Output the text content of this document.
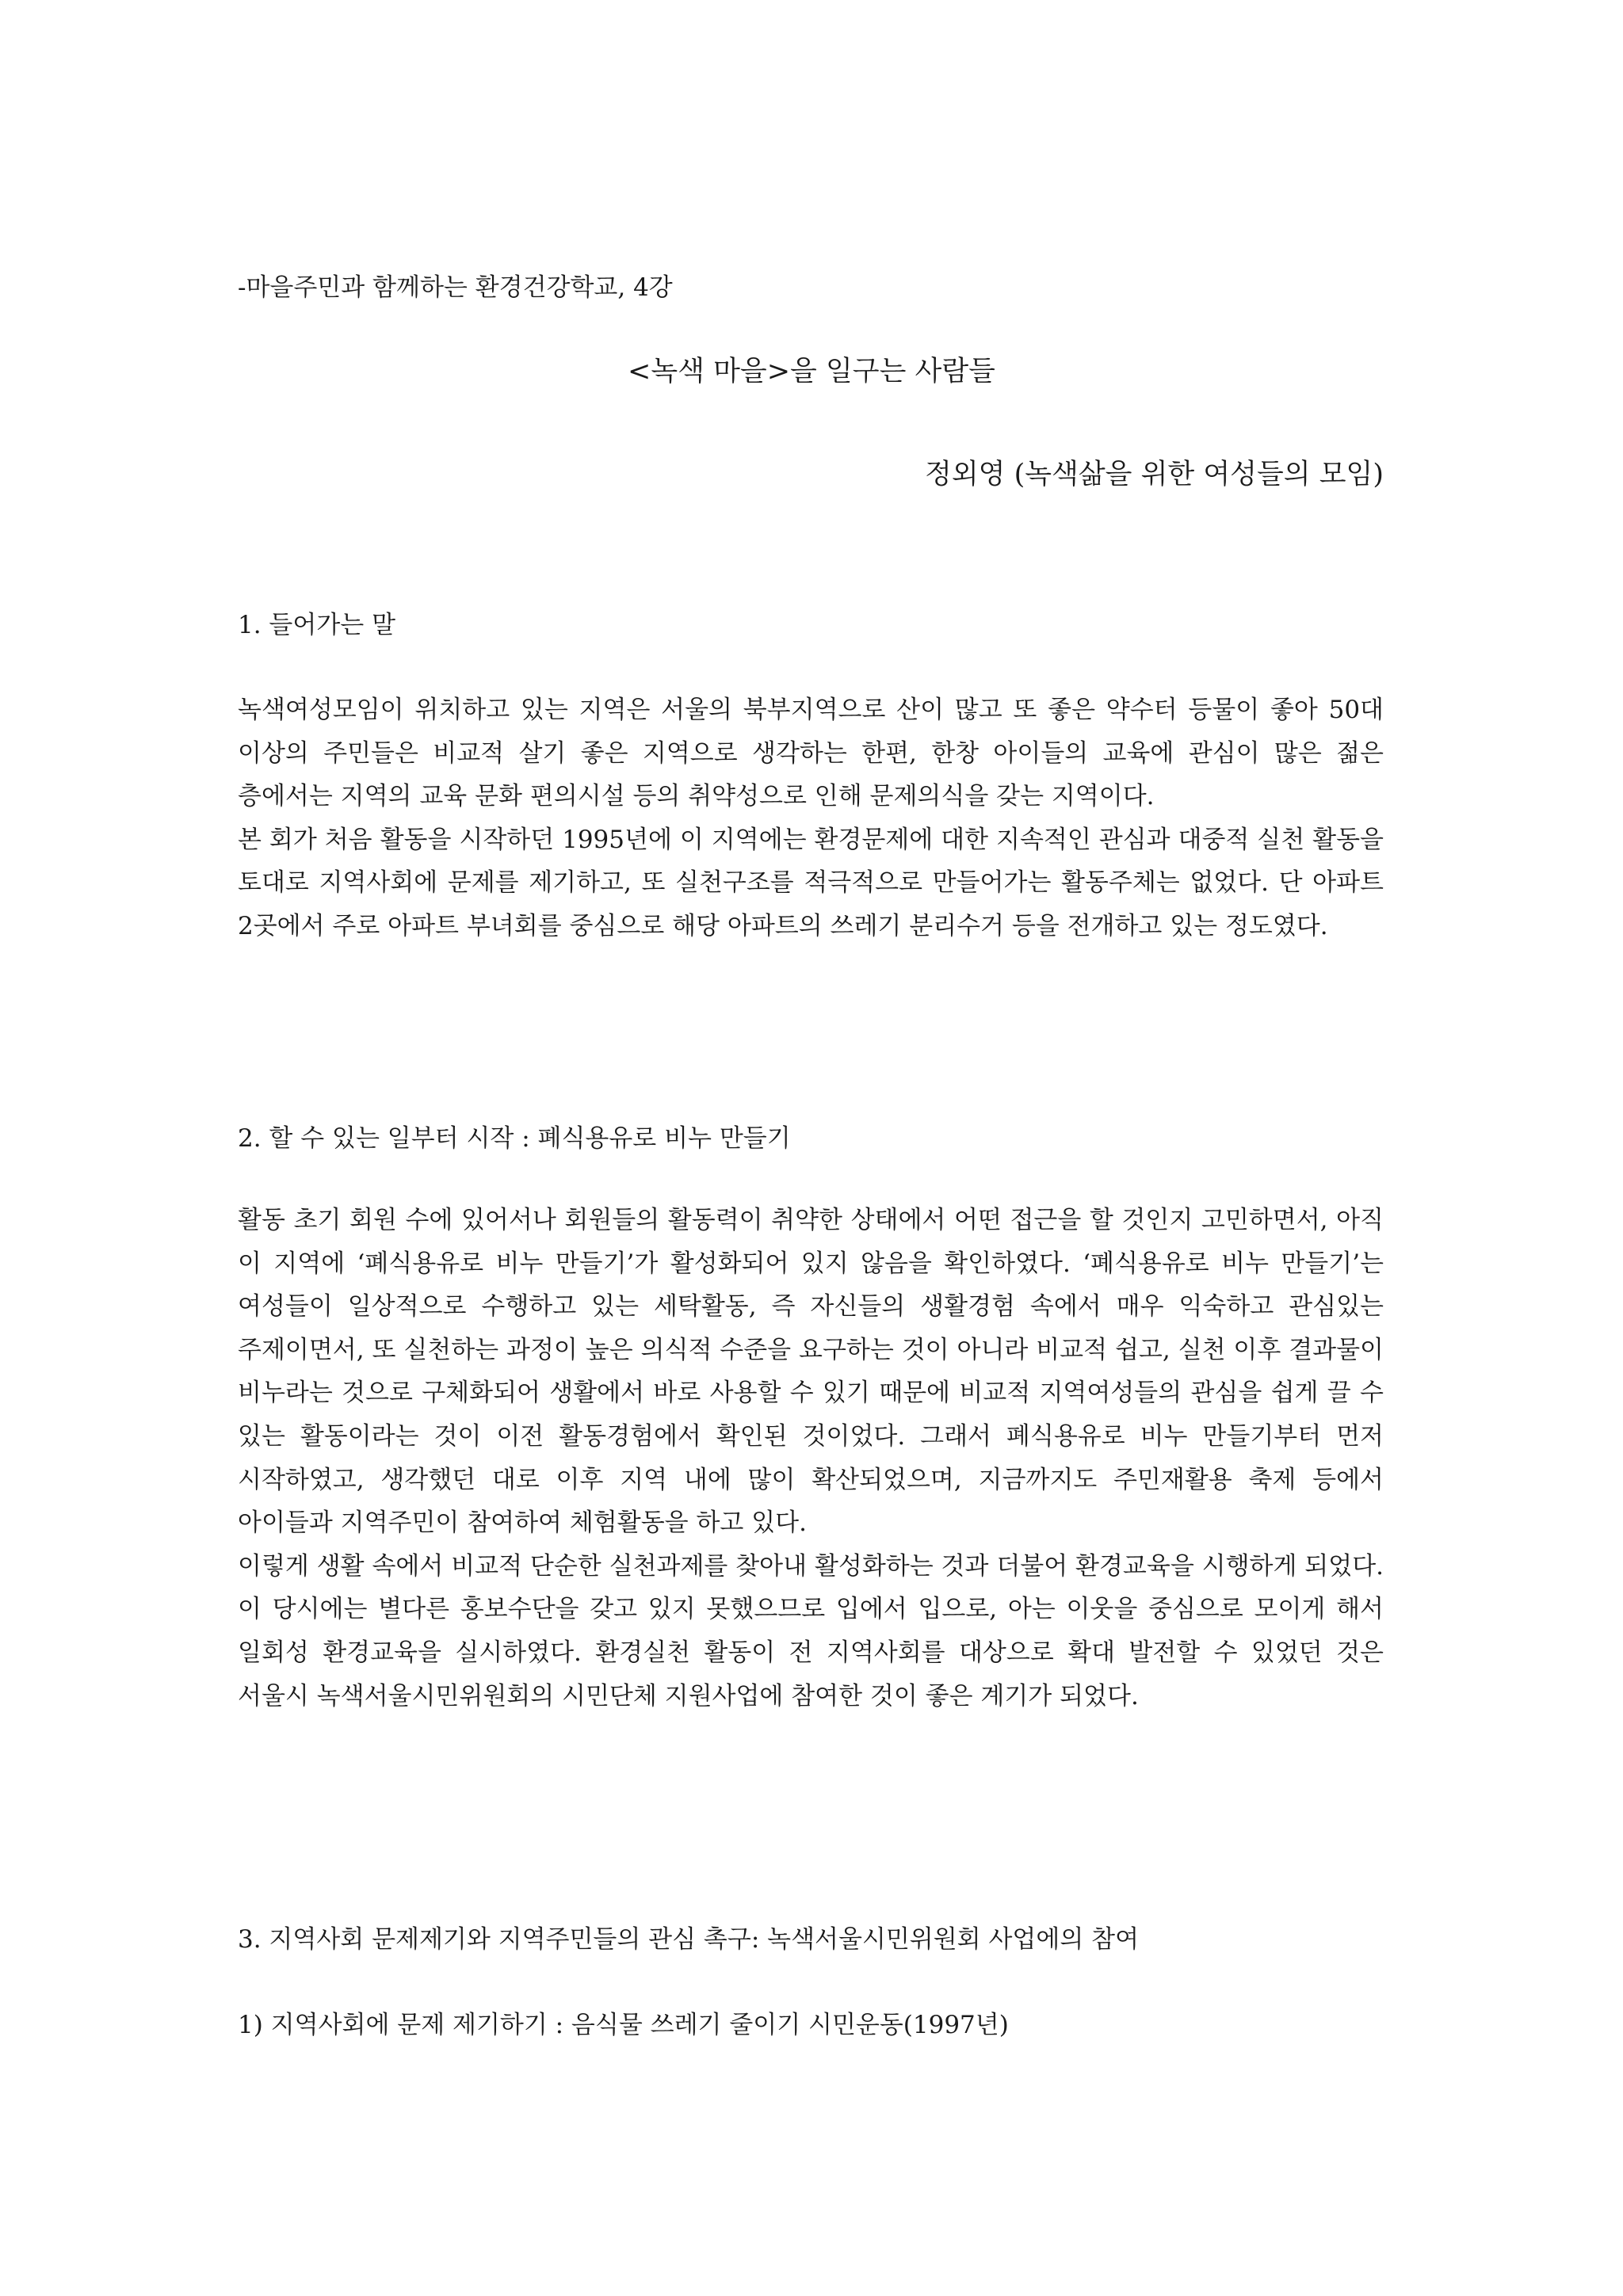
-마을주민과 함께하는 환경건강학교, 4강
<녹색 마을>을 일구는 사람들
정외영 (녹색삶을 위한 여성들의 모임)
1. 들어가는 말

녹색여성모임이 위치하고 있는 지역은 서울의 북부지역으로 산이 많고 또 좋은 약수터 등물이 좋아 50대 이상의 주민들은 비교적 살기 좋은 지역으로 생각하는 한편, 한창 아이들의 교육에 관심이 많은 젊은 층에서는 지역의 교육 문화 편의시설 등의 취약성으로 인해 문제의식을 갖는 지역이다.

본 회가 처음 활동을 시작하던 1995년에 이 지역에는 환경문제에 대한 지속적인 관심과 대중적 실천 활동을 토대로 지역사회에 문제를 제기하고, 또 실천구조를 적극적으로 만들어가는 활동주체는 없었다. 단 아파트 2곳에서 주로 아파트 부녀회를 중심으로 해당 아파트의 쓰레기 분리수거 등을 전개하고 있는 정도였다.

2. 할 수 있는 일부터 시작 : 폐식용유로 비누 만들기

활동 초기 회원 수에 있어서나 회원들의 활동력이 취약한 상태에서 어떤 접근을 할 것인지 고민하면서, 아직 이 지역에 ‘폐식용유로 비누 만들기’가 활성화되어 있지 않음을 확인하였다. ‘폐식용유로 비누 만들기’는 여성들이 일상적으로 수행하고 있는 세탁활동, 즉 자신들의 생활경험 속에서 매우 익숙하고 관심있는 주제이면서, 또 실천하는 과정이 높은 의식적 수준을 요구하는 것이 아니라 비교적 쉽고, 실천 이후 결과물이 비누라는 것으로 구체화되어 생활에서 바로 사용할 수 있기 때문에 비교적 지역여성들의 관심을 쉽게 끌 수 있는 활동이라는 것이 이전 활동경험에서 확인된 것이었다. 그래서 폐식용유로 비누 만들기부터 먼저 시작하였고, 생각했던 대로 이후 지역 내에 많이 확산되었으며, 지금까지도 주민재활용 축제 등에서 아이들과 지역주민이 참여하여 체험활동을 하고 있다.

이렇게 생활 속에서 비교적 단순한 실천과제를 찾아내 활성화하는 것과 더불어 환경교육을 시행하게 되었다. 이 당시에는 별다른 홍보수단을 갖고 있지 못했으므로 입에서 입으로, 아는 이웃을 중심으로 모이게 해서 일회성 환경교육을 실시하였다. 환경실천 활동이 전 지역사회를 대상으로 확대 발전할 수 있었던 것은 서울시 녹색서울시민위원회의 시민단체 지원사업에 참여한 것이 좋은 계기가 되었다.

3. 지역사회 문제제기와 지역주민들의 관심 촉구: 녹색서울시민위원회 사업에의 참여
1) 지역사회에 문제 제기하기 : 음식물 쓰레기 줄이기 시민운동(1997년)
